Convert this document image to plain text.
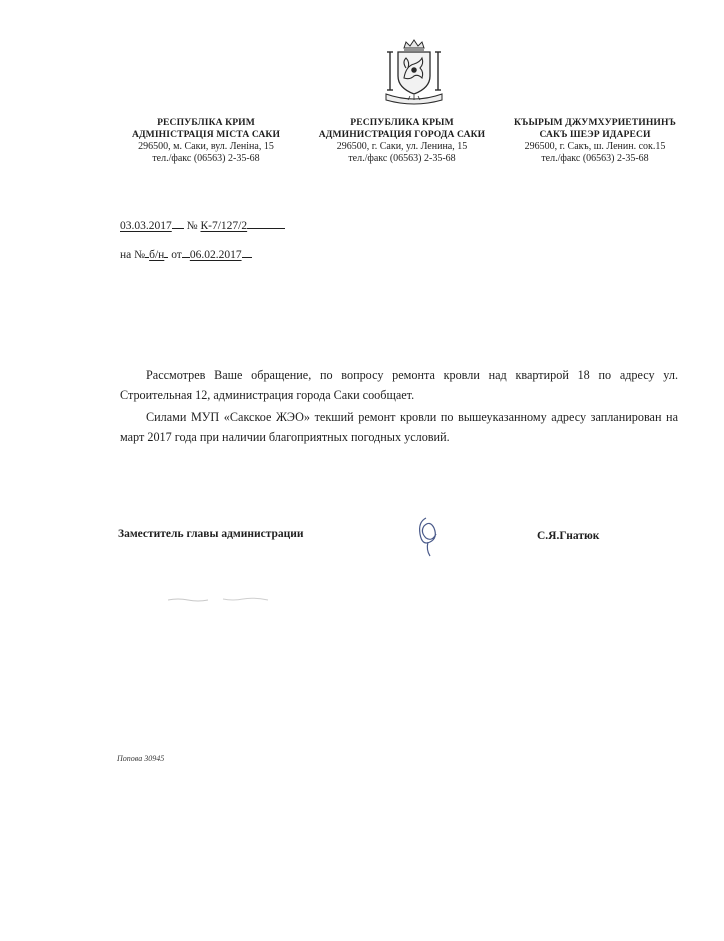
РЕСПУБЛІКА КРИМ
АДМІНІСТРАЦІЯ МІСТА САКИ
296500, м. Саки, вул. Леніна, 15
тел./факс (06563) 2-35-68
РЕСПУБЛИКА КРЫМ
АДМИНИСТРАЦИЯ ГОРОДА САКИ
296500, г. Саки, ул. Ленина, 15
тел./факс (06563) 2-35-68
КЪЫРЫМ ДЖУМХУРИЕТИНИНЪ
САКЪ ШЕЭР ИДАРЕСИ
296500, г. Сакъ, ш. Ленин. сок.15
тел./факс (06563) 2-35-68
03.03.2017 № К-7/127/2
на № б/н от 06.02.2017

Рассмотрев Ваше обращение, по вопросу ремонта кровли над квартирой 18 по адресу ул. Строительная 12, администрация города Саки сообщает.

Силами МУП «Сакское ЖЭО» текший ремонт кровли по вышеуказанному адресу запланирован на март 2017 года при наличии благоприятных погодных условий.

Заместитель главы администрации	С.Я.Гнатюк
Попова 30945
